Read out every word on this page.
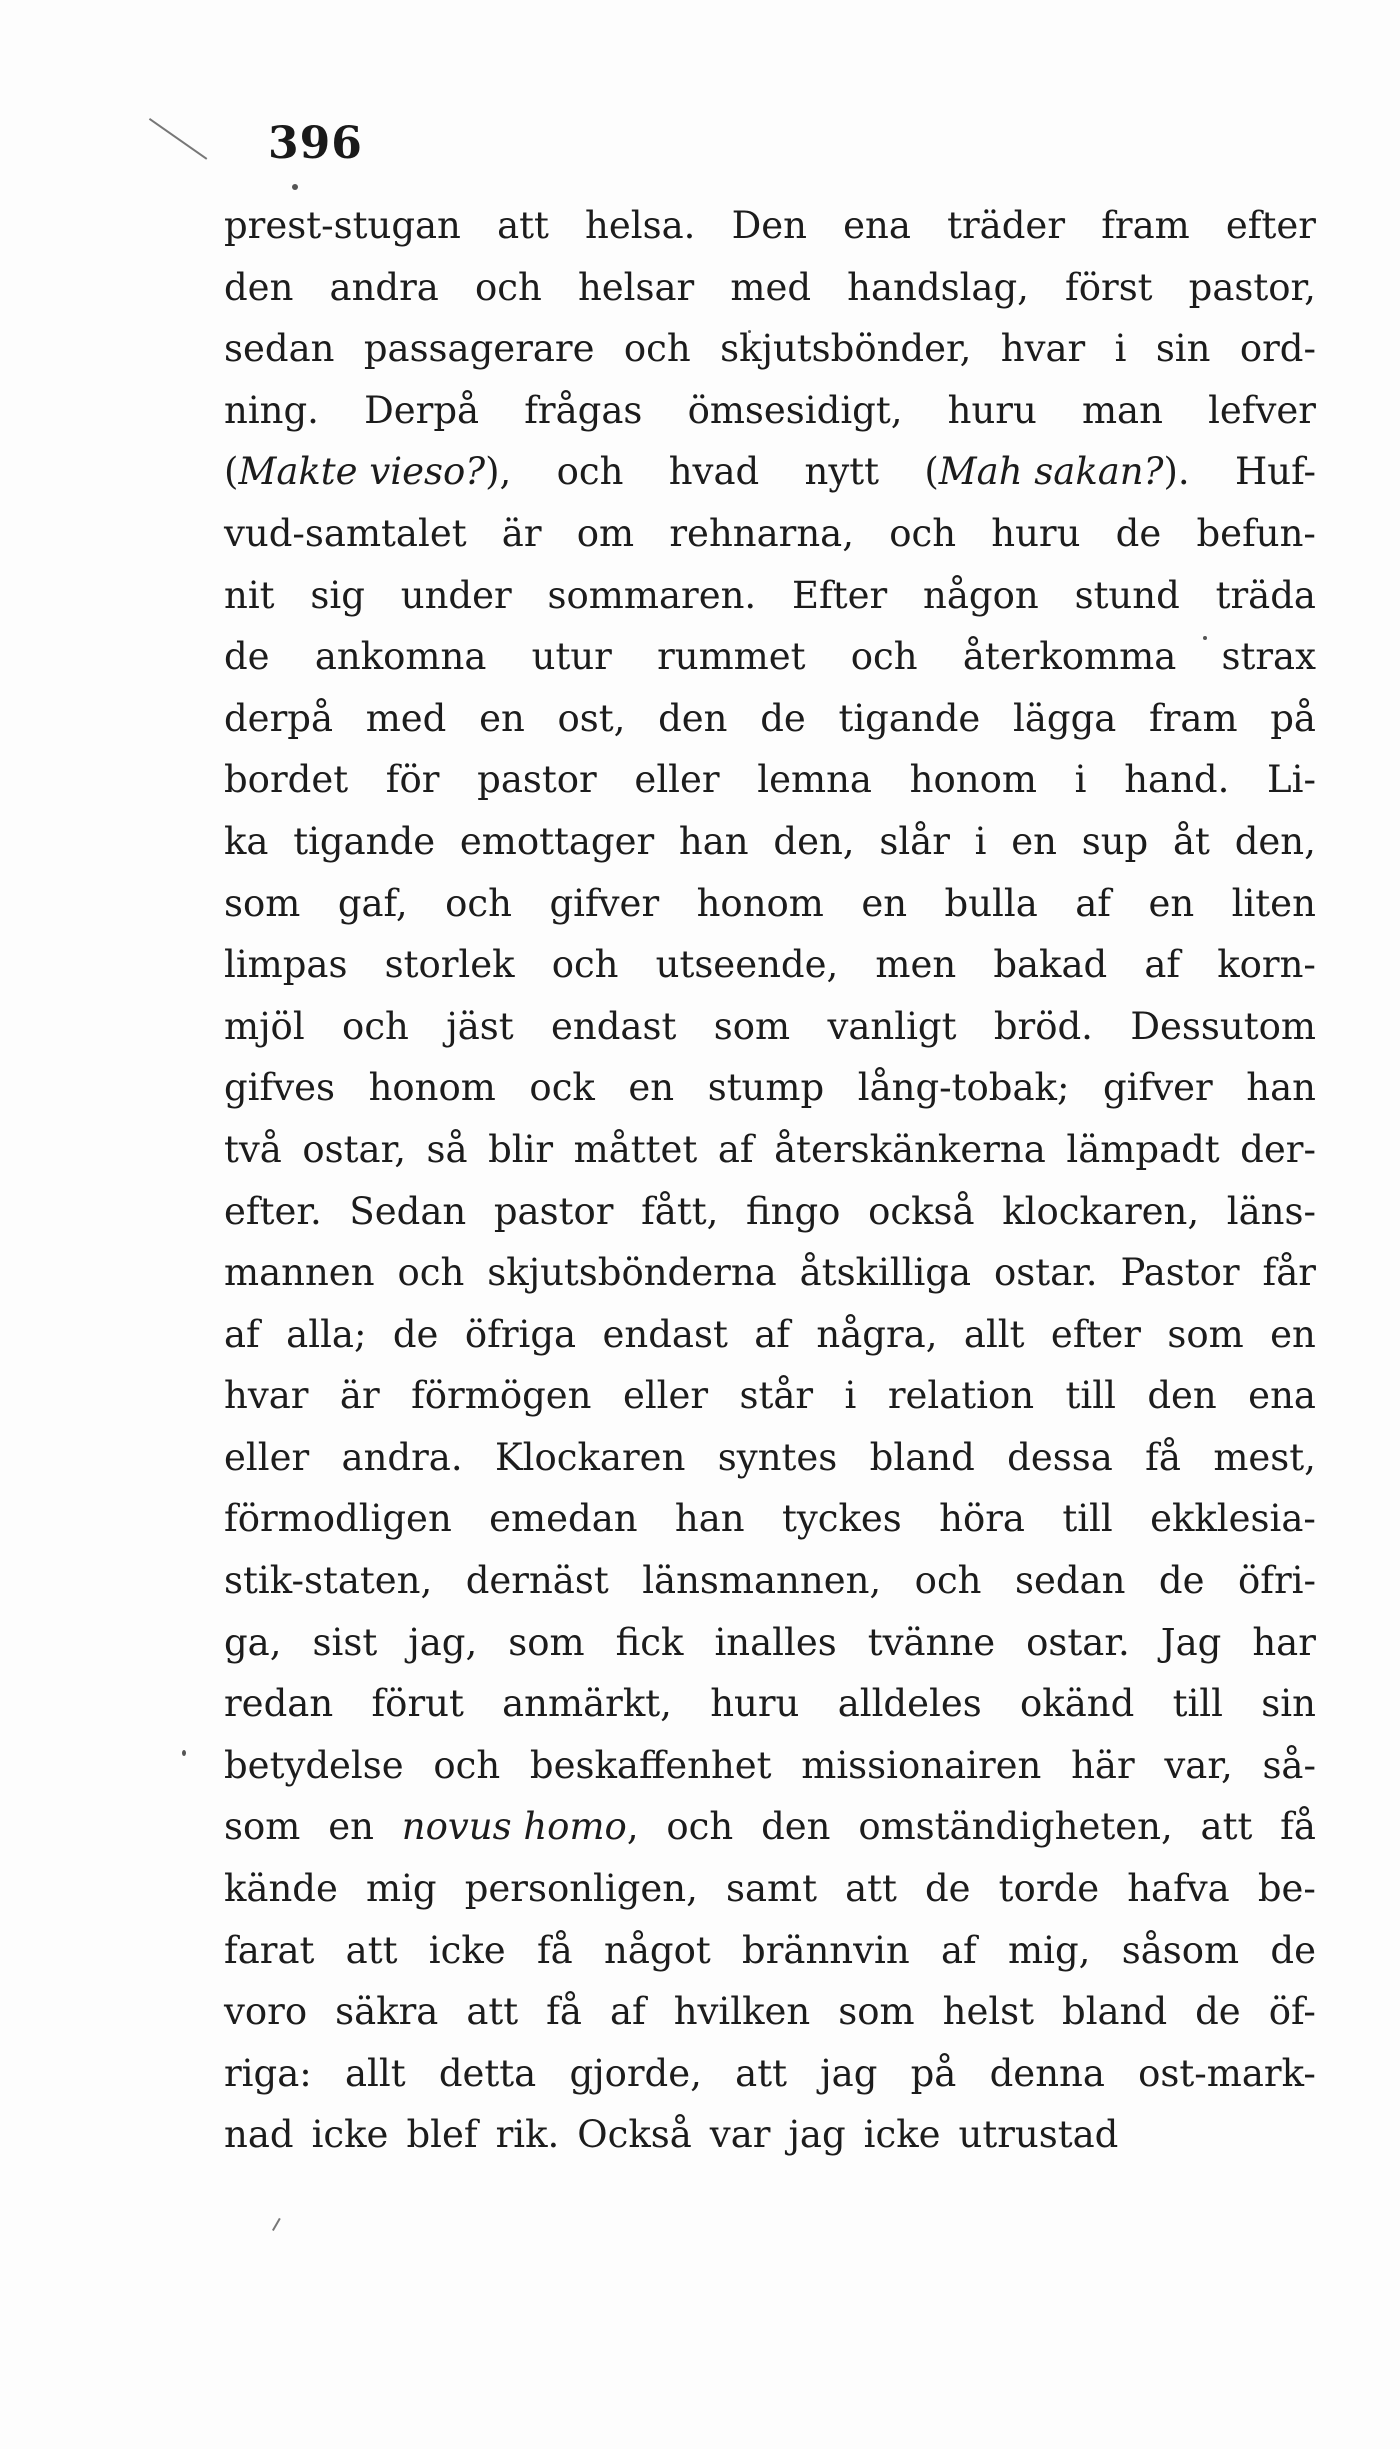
396
prest-stugan att helsa. Den ena träder fram efter
den andra och helsar med handslag, först pastor,
sedan passagerare och skjutsbönder, hvar i sin ord-
ning. Derpå frågas ömsesidigt, huru man lefver
(Makte vieso?), och hvad nytt (Mah sakan?). Huf-
vud-samtalet är om rehnarna, och huru de befun-
nit sig under sommaren. Efter någon stund träda
de ankomna utur rummet och återkomma strax
derpå med en ost, den de tigande lägga fram på
bordet för pastor eller lemna honom i hand. Li-
ka tigande emottager han den, slår i en sup åt den,
som gaf, och gifver honom en bulla af en liten
limpas storlek och utseende, men bakad af korn-
mjöl och jäst endast som vanligt bröd. Dessutom
gifves honom ock en stump lång-tobak; gifver han
två ostar, så blir måttet af återskänkerna lämpadt der-
efter. Sedan pastor fått, fingo också klockaren, läns-
mannen och skjutsbönderna åtskilliga ostar. Pastor får
af alla; de öfriga endast af några, allt efter som en
hvar är förmögen eller står i relation till den ena
eller andra. Klockaren syntes bland dessa få mest,
förmodligen emedan han tyckes höra till ekklesia-
stik-staten, dernäst länsmannen, och sedan de öfri-
ga, sist jag, som fick inalles tvänne ostar. Jag har
redan förut anmärkt, huru alldeles okänd till sin
betydelse och beskaffenhet missionairen här var, så-
som en novus homo, och den omständigheten, att få
kände mig personligen, samt att de torde hafva be-
farat att icke få något brännvin af mig, såsom de
voro säkra att få af hvilken som helst bland de öf-
riga: allt detta gjorde, att jag på denna ost-mark-
nad icke blef rik. Också var jag icke utrustad
